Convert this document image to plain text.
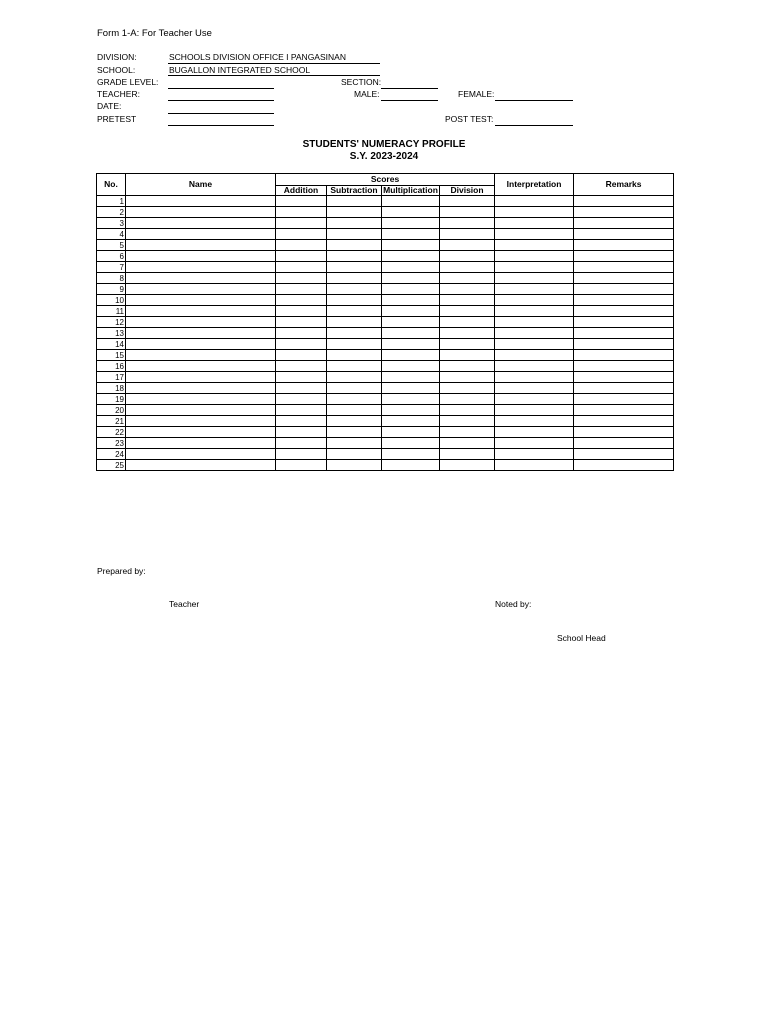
Form 1-A: For Teacher Use
DIVISION:	SCHOOLS DIVISION OFFICE I PANGASINAN
SCHOOL:	BUGALLON INTEGRATED SCHOOL
GRADE LEVEL:	SECTION:
TEACHER:	MALE:	FEMALE:
DATE:
PRETEST	POST TEST:
STUDENTS' NUMERACY PROFILE
S.Y. 2023-2024
No.	Name	Scores				Interpretation	Remarks
		Addition	Subtraction	Multiplication	Division		
1							
2							
3							
4							
5							
6							
7							
8							
9							
10							
11							
12							
13							
14							
15							
16							
17							
18							
19							
20							
21							
22							
23							
24							
25							
Prepared by:
Teacher	Noted by:
School Head
